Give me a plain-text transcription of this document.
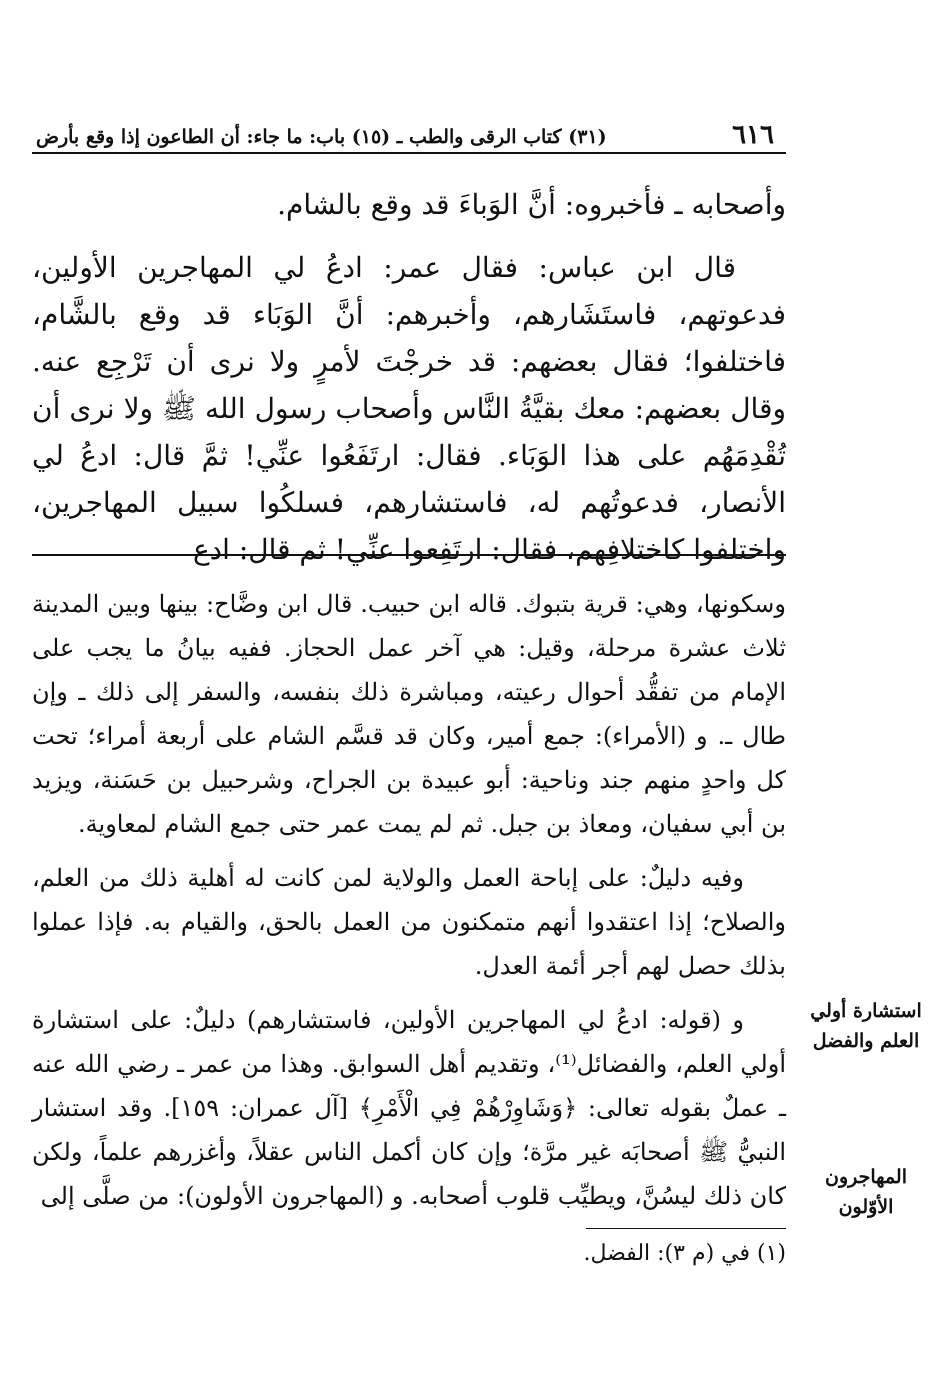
٦١٦
(٣١) كتاب الرقى والطب ـ (١٥) باب: ما جاء: أن الطاعون إذا وقع بأرض

وأصحابه ـ فأخبروه: أنَّ الوَباءَ قد وقع بالشام.

قال ابن عباس: فقال عمر: ادعُ لي المهاجرين الأولين، فدعوتهم، فاستَشَارهم، وأخبرهم: أنَّ الوَبَاء قد وقع بالشَّام، فاختلفوا؛ فقال بعضهم: قد خرجْتَ لأمرٍ ولا نرى أن تَرْجِع عنه. وقال بعضهم: معك بقيَّةُ النَّاس وأصحاب رسول الله ﷺ ولا نرى أن تُقْدِمَهُم على هذا الوَبَاء. فقال: ارتَفَعُوا عنِّي! ثمَّ قال: ادعُ لي الأنصار، فدعوتُهم له، فاستشارهم، فسلكُوا سبيل المهاجرين، واختلفوا كاختلافِهم، فقال: ارتَفِعوا عنِّي! ثم قال: ادع

وسكونها، وهي: قرية بتبوك. قاله ابن حبيب. قال ابن وضَّاح: بينها وبين المدينة ثلاث عشرة مرحلة، وقيل: هي آخر عمل الحجاز. ففيه بيانُ ما يجب على الإمام من تفقُّد أحوال رعيته، ومباشرة ذلك بنفسه، والسفر إلى ذلك ـ وإن طال ـ. و (الأمراء): جمع أمير، وكان قد قسَّم الشام على أربعة أمراء؛ تحت كل واحدٍ منهم جند وناحية: أبو عبيدة بن الجراح، وشرحبيل بن حَسَنة، ويزيد بن أبي سفيان، ومعاذ بن جبل. ثم لم يمت عمر حتى جمع الشام لمعاوية.

وفيه دليلٌ: على إباحة العمل والولاية لمن كانت له أهلية ذلك من العلم، والصلاح؛ إذا اعتقدوا أنهم متمكنون من العمل بالحق، والقيام به. فإذا عملوا بذلك حصل لهم أجر أئمة العدل.

و (قوله: ادعُ لي المهاجرين الأولين، فاستشارهم) دليلٌ: على استشارة أولي العلم، والفضائل⁽¹⁾، وتقديم أهل السوابق. وهذا من عمر ـ رضي الله عنه ـ عملٌ بقوله تعالى: ﴿وَشَاوِرْهُمْ فِي الْأَمْرِ﴾ [آل عمران: ١٥٩]. وقد استشار النبيُّ ﷺ أصحابَه غير مرَّة؛ وإن كان أكمل الناس عقلاً، وأغزرهم علماً، ولكن كان ذلك ليسُنَّ، ويطيِّب قلوب أصحابه. و (المهاجرون الأولون): من صلَّى إلى

استشارة أولي العلم والفضل
المهاجرون الأوّلون
(١) في (م ٣): الفضل.
